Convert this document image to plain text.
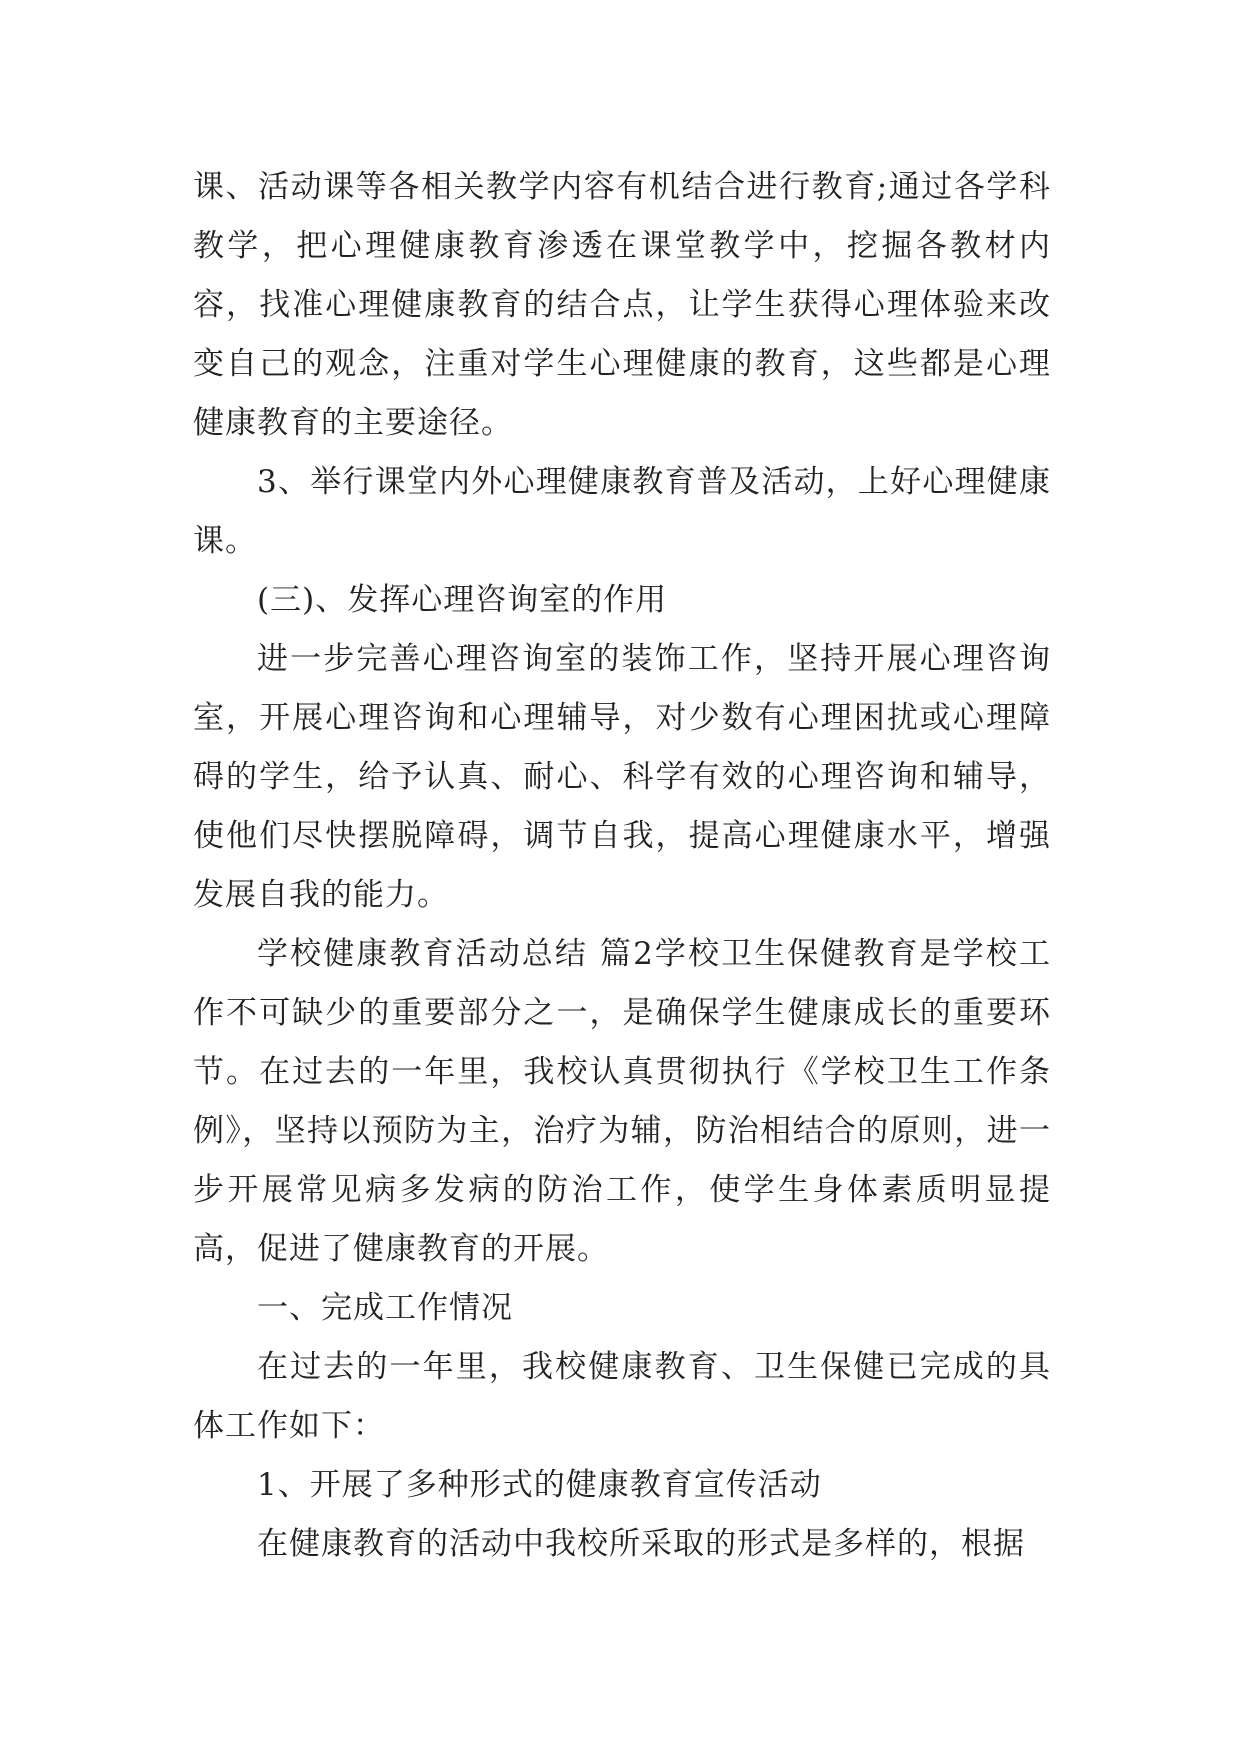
课、活动课等各相关教学内容有机结合进行教育;通过各学科教学，把心理健康教育渗透在课堂教学中，挖掘各教材内容，找准心理健康教育的结合点，让学生获得心理体验来改变自己的观念，注重对学生心理健康的教育，这些都是心理健康教育的主要途径。

3、举行课堂内外心理健康教育普及活动，上好心理健康课。

(三)、发挥心理咨询室的作用

进一步完善心理咨询室的装饰工作，坚持开展心理咨询室，开展心理咨询和心理辅导，对少数有心理困扰或心理障碍的学生，给予认真、耐心、科学有效的心理咨询和辅导，使他们尽快摆脱障碍，调节自我，提高心理健康水平，增强发展自我的能力。

学校健康教育活动总结 篇2学校卫生保健教育是学校工作不可缺少的重要部分之一，是确保学生健康成长的重要环节。在过去的一年里，我校认真贯彻执行《学校卫生工作条例》，坚持以预防为主，治疗为辅，防治相结合的原则，进一步开展常见病多发病的防治工作，使学生身体素质明显提高，促进了健康教育的开展。

一、完成工作情况

在过去的一年里，我校健康教育、卫生保健已完成的具体工作如下：

1、开展了多种形式的健康教育宣传活动

在健康教育的活动中我校所采取的形式是多样的，根据
